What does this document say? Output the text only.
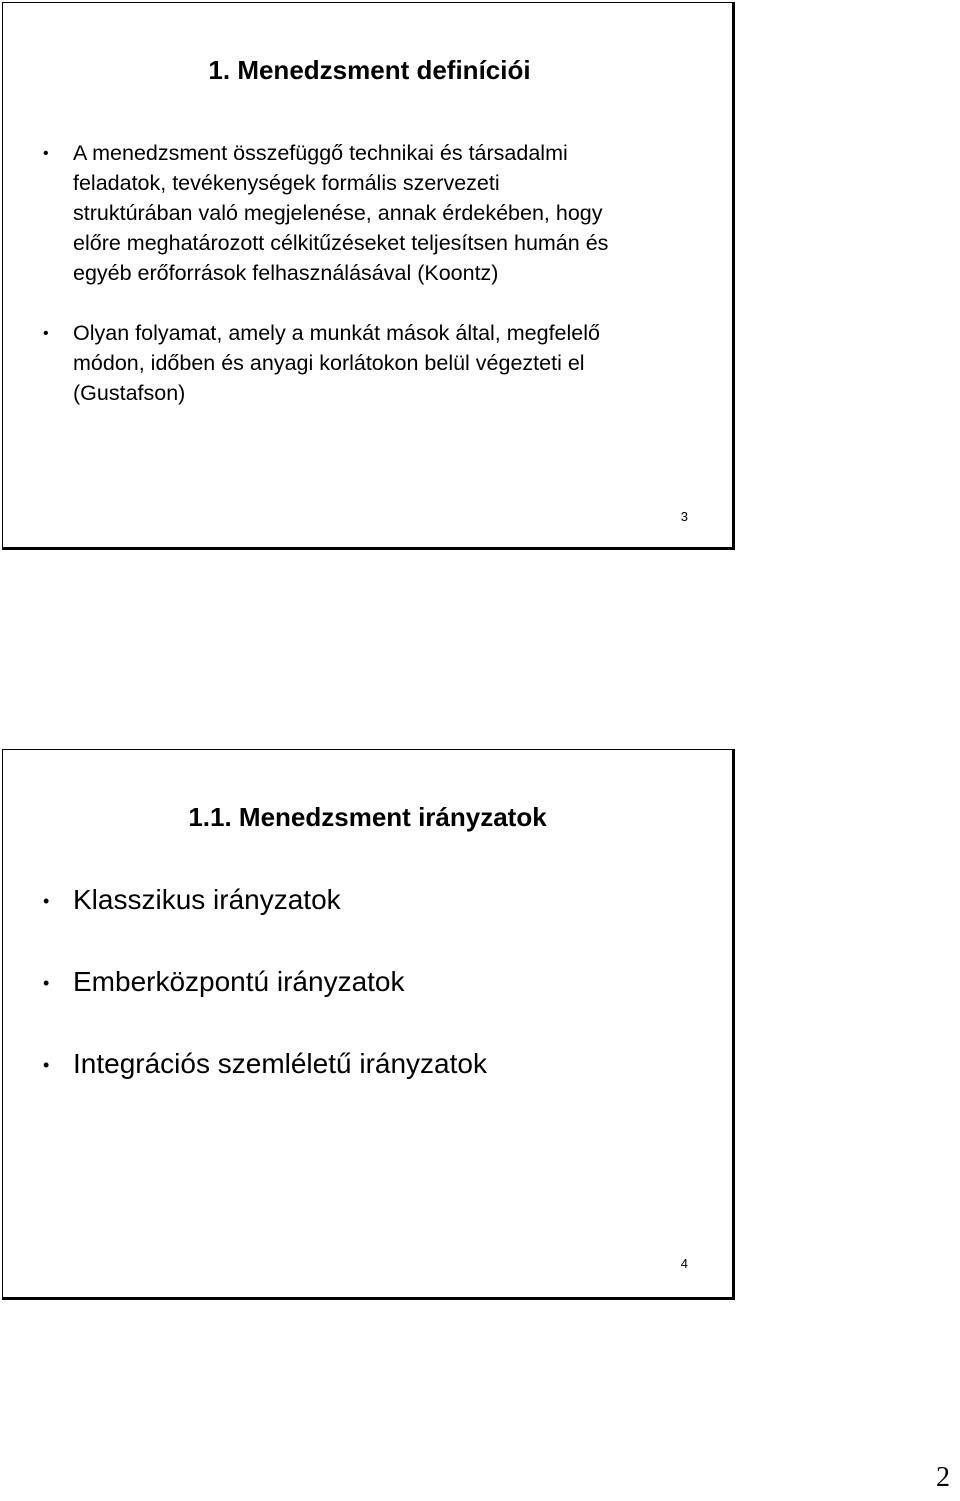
1. Menedzsment definíciói
• A menedzsment összefüggő technikai és társadalmi
feladatok, tevékenységek formális szervezeti
struktúrában való megjelenése, annak érdekében, hogy
előre meghatározott célkitűzéseket teljesítsen humán és
egyéb erőforrások felhasználásával (Koontz)
• Olyan folyamat, amely a munkát mások által, megfelelő
módon, időben és anyagi korlátokon belül végezteti el
(Gustafson)
3
1.1. Menedzsment irányzatok
• Klasszikus irányzatok
• Emberközpontú irányzatok
• Integrációs szemléletű irányzatok
4
2
